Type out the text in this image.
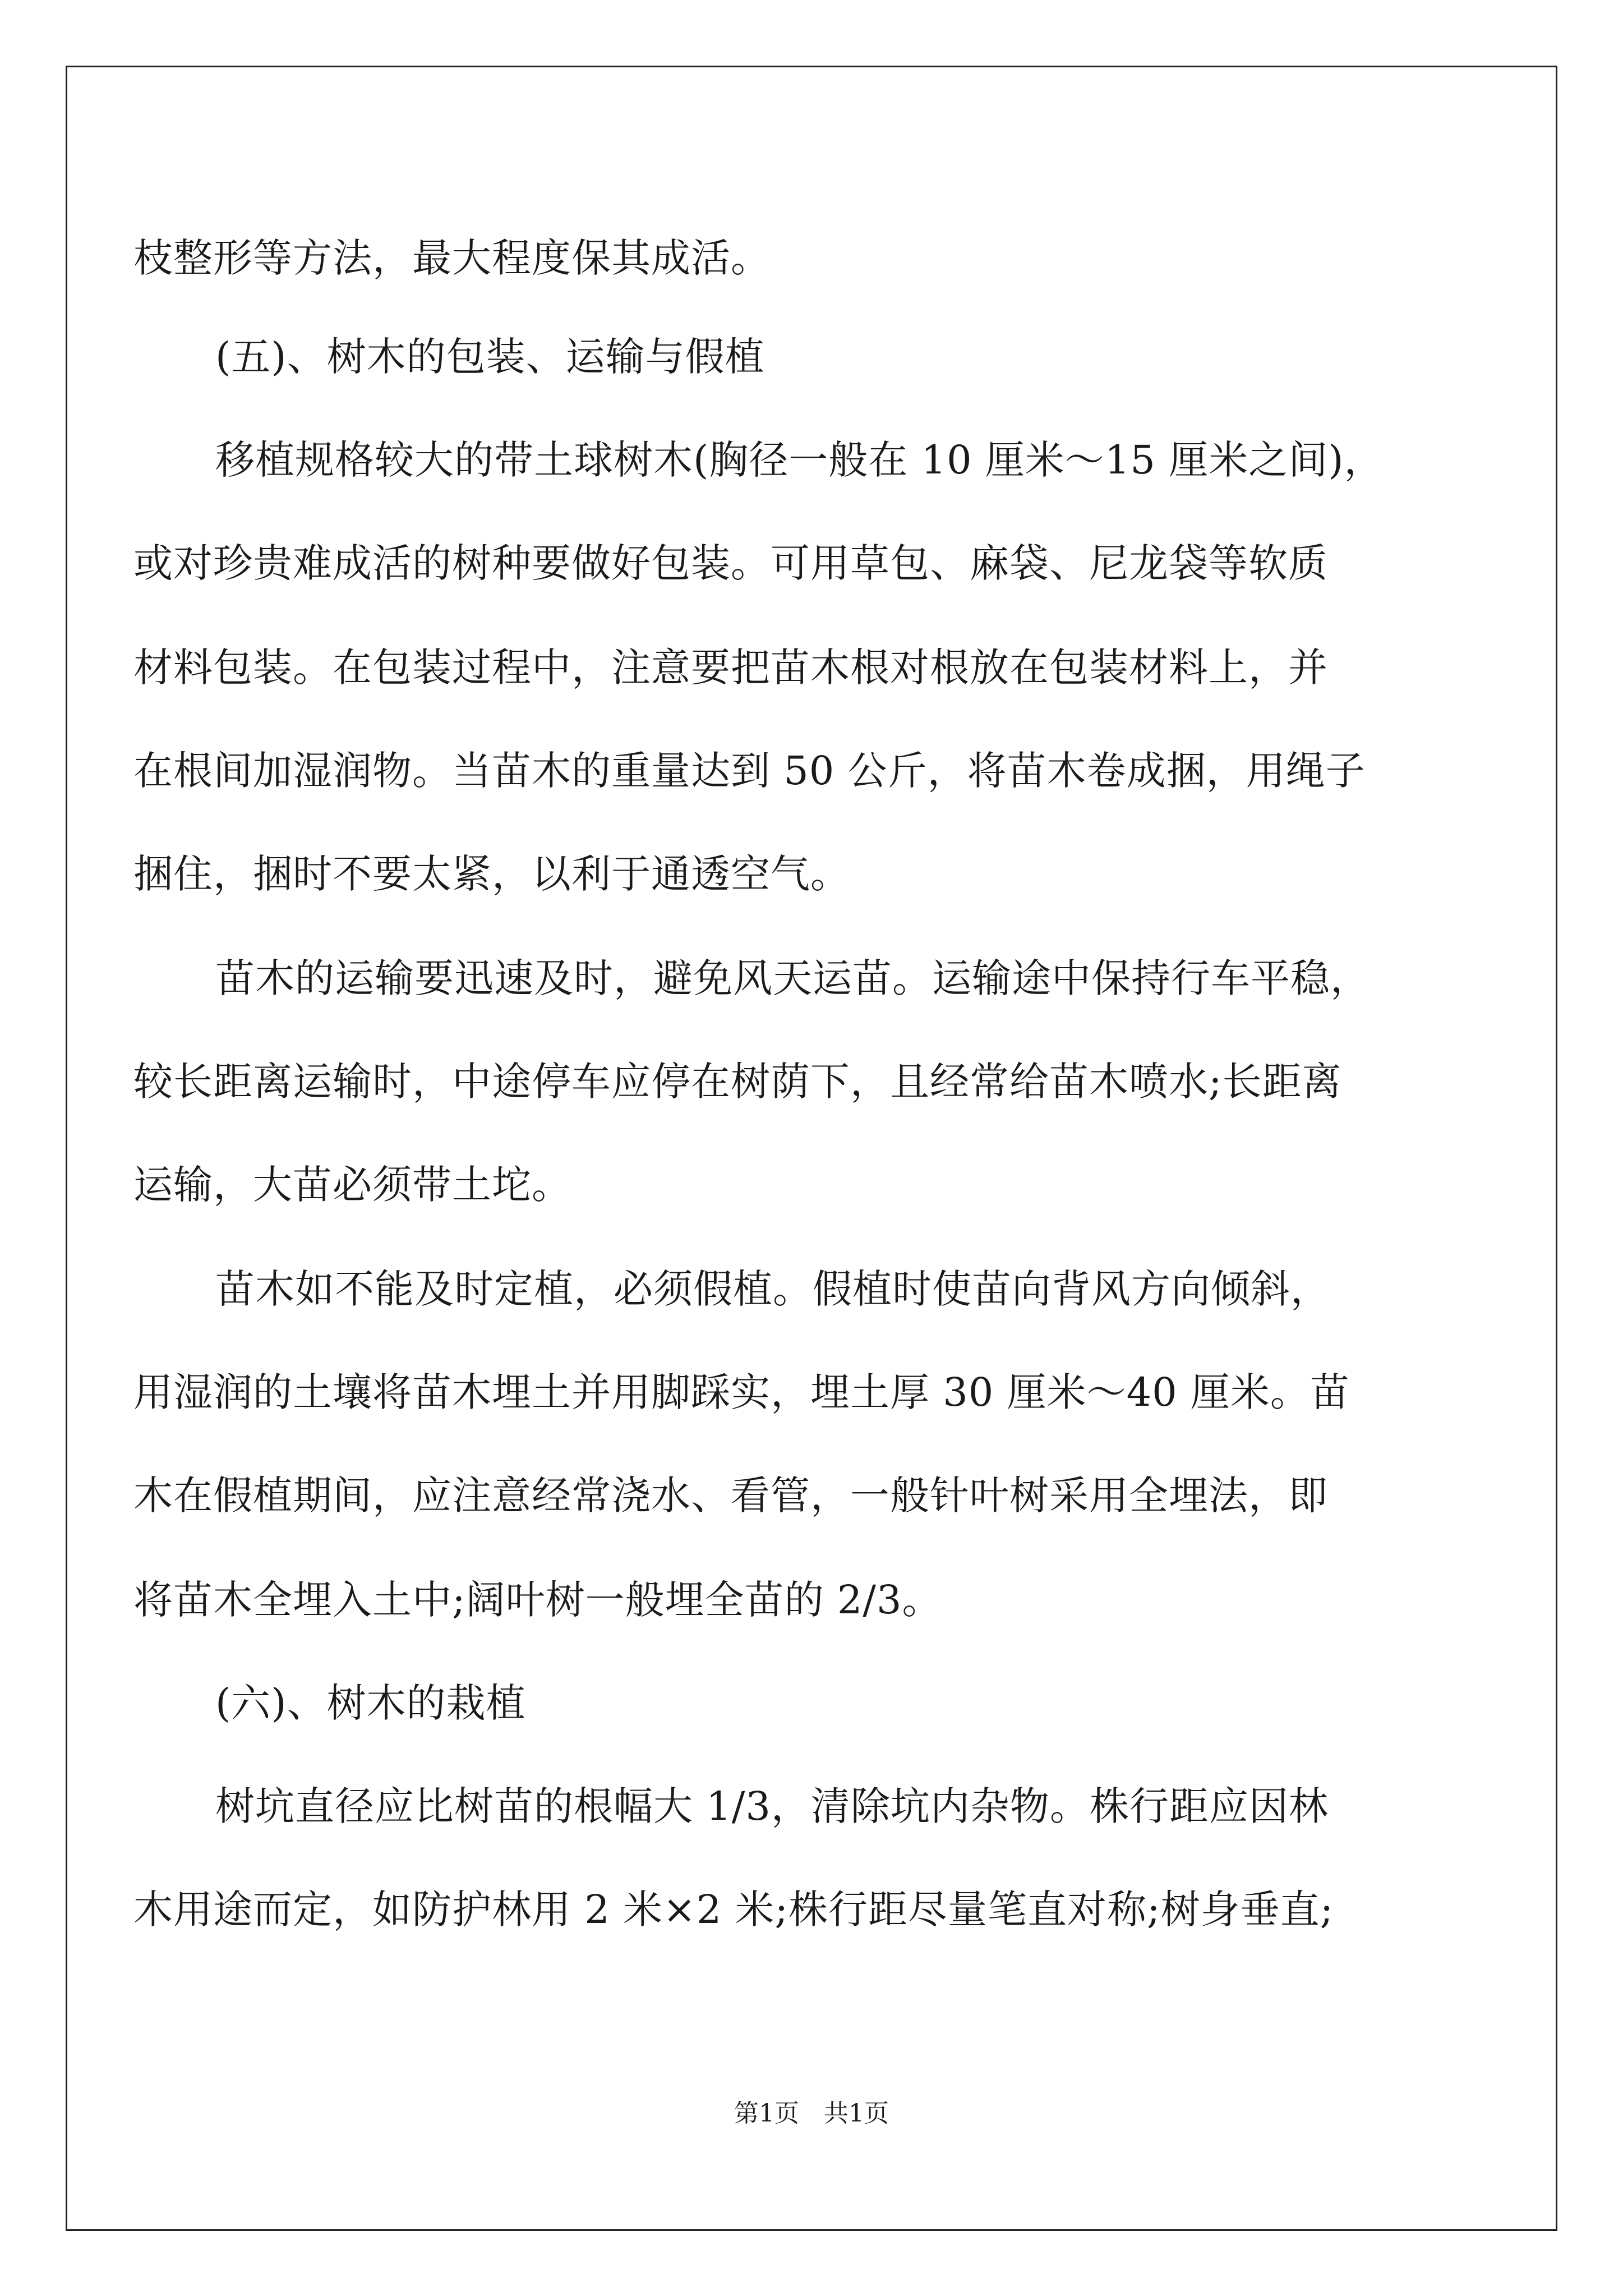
枝整形等方法，最大程度保其成活。
(五)、树木的包装、运输与假植
移植规格较大的带土球树木(胸径一般在 10 厘米～15 厘米之间)，
或对珍贵难成活的树种要做好包装。可用草包、麻袋、尼龙袋等软质
材料包装。在包装过程中，注意要把苗木根对根放在包装材料上，并
在根间加湿润物。当苗木的重量达到 50 公斤，将苗木卷成捆，用绳子
捆住，捆时不要太紧，以利于通透空气。
苗木的运输要迅速及时，避免风天运苗。运输途中保持行车平稳，
较长距离运输时，中途停车应停在树荫下，且经常给苗木喷水;长距离
运输，大苗必须带土坨。
苗木如不能及时定植，必须假植。假植时使苗向背风方向倾斜，
用湿润的土壤将苗木埋土并用脚踩实，埋土厚 30 厘米～40 厘米。苗
木在假植期间，应注意经常浇水、看管，一般针叶树采用全埋法，即
将苗木全埋入土中;阔叶树一般埋全苗的 2/3。
(六)、树木的栽植
树坑直径应比树苗的根幅大 1/3，清除坑内杂物。株行距应因林
木用途而定，如防护林用 2 米×2 米;株行距尽量笔直对称;树身垂直;
第1页 共1页
